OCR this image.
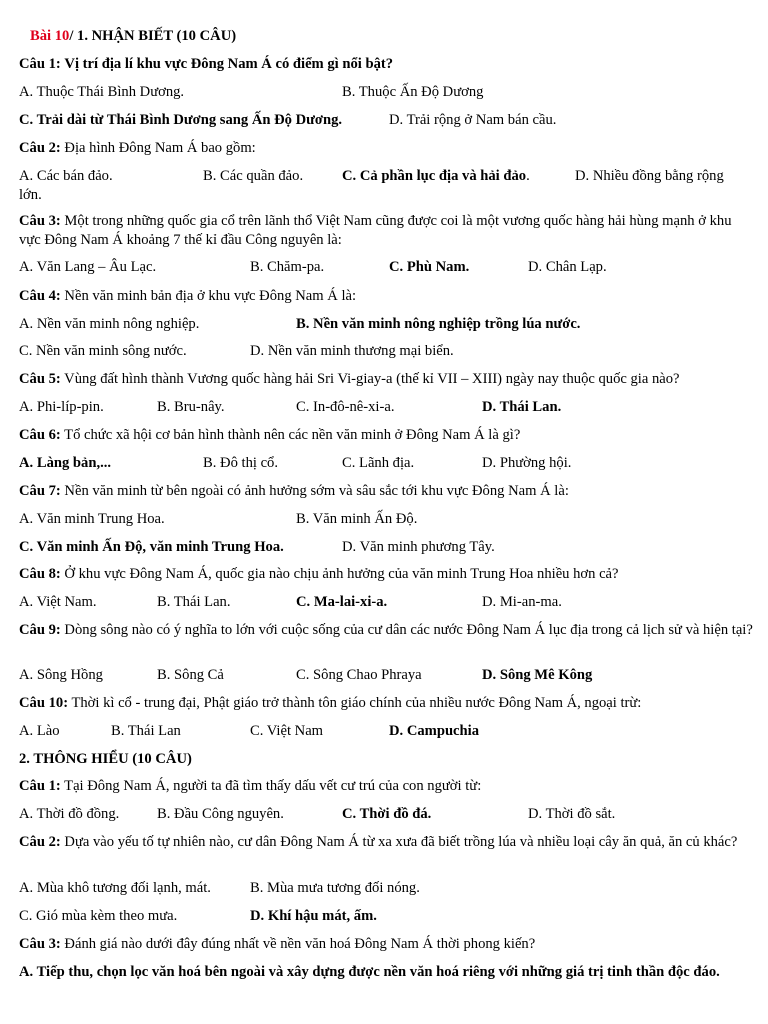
Bài 10/ 1. NHẬN BIẾT (10 CÂU)
Câu 1: Vị trí địa lí khu vực Đông Nam Á có điểm gì nổi bật?
A. Thuộc Thái Bình Dương.	B. Thuộc Ấn Độ Dương
C. Trải dài từ Thái Bình Dương sang Ấn Độ Dương.	D. Trải rộng ở Nam bán cầu.
Câu 2: Địa hình Đông Nam Á bao gồm:
A. Các bán đảo.	B. Các quần đảo.	C. Cả phần lục địa và hải đảo.	D. Nhiều đồng bằng rộng lớn.
Câu 3: Một trong những quốc gia cổ trên lãnh thổ Việt Nam cũng được coi là một vương quốc hàng hải hùng mạnh ở khu vực Đông Nam Á khoảng 7 thế kỉ đầu Công nguyên là:
A. Văn Lang – Âu Lạc.	B. Chăm-pa.	C. Phù Nam.	D. Chân Lạp.
Câu 4: Nền văn minh bản địa ở khu vực Đông Nam Á là:
A. Nền văn minh nông nghiệp.	B. Nền văn minh nông nghiệp trồng lúa nước.
C. Nền văn minh sông nước.	D. Nền văn minh thương mại biển.
Câu 5: Vùng đất hình thành Vương quốc hàng hải Sri Vi-giay-a (thế kỉ VII – XIII) ngày nay thuộc quốc gia nào?
A. Phi-líp-pin.	B. Bru-nây.	C. In-đô-nê-xi-a.	D. Thái Lan.
Câu 6: Tổ chức xã hội cơ bản hình thành nên các nền văn minh ở Đông Nam Á là gì?
A. Làng bản,...	B. Đô thị cổ.	C. Lãnh địa.	D. Phường hội.
Câu 7: Nền văn minh từ bên ngoài có ảnh hưởng sớm và sâu sắc tới khu vực Đông Nam Á là:
A. Văn minh Trung Hoa.	B. Văn minh Ấn Độ.
C. Văn minh Ấn Độ, văn minh Trung Hoa.	D. Văn minh phương Tây.
Câu 8: Ở khu vực Đông Nam Á, quốc gia nào chịu ảnh hưởng của văn minh Trung Hoa nhiều hơn cả?
A. Việt Nam.	B. Thái Lan.	C. Ma-lai-xi-a.	D. Mi-an-ma.
Câu 9: Dòng sông nào có ý nghĩa to lớn với cuộc sống của cư dân các nước Đông Nam Á lục địa trong cả lịch sử và hiện tại?
A. Sông Hồng	B. Sông Cả	C. Sông Chao Phraya	D. Sông Mê Kông
Câu 10: Thời kì cổ - trung đại, Phật giáo trở thành tôn giáo chính của nhiều nước Đông Nam Á, ngoại trừ:
A. Lào	B. Thái Lan	C. Việt Nam	D. Campuchia
2. THÔNG HIỂU (10 CÂU)
Câu 1: Tại Đông Nam Á, người ta đã tìm thấy dấu vết cư trú của con người từ:
A. Thời đồ đồng.	B. Đầu Công nguyên.	C. Thời đồ đá.	D. Thời đồ sắt.
Câu 2: Dựa vào yếu tố tự nhiên nào, cư dân Đông Nam Á từ xa xưa đã biết trồng lúa và nhiều loại cây ăn quả, ăn củ khác?
A. Mùa khô tương đối lạnh, mát.	B. Mùa mưa tương đối nóng.
C. Gió mùa kèm theo mưa.	D. Khí hậu mát, ấm.
Câu 3: Đánh giá nào dưới đây đúng nhất về nền văn hoá Đông Nam Á thời phong kiến?
A. Tiếp thu, chọn lọc văn hoá bên ngoài và xây dựng được nền văn hoá riêng với những giá trị tinh thần độc đáo.
